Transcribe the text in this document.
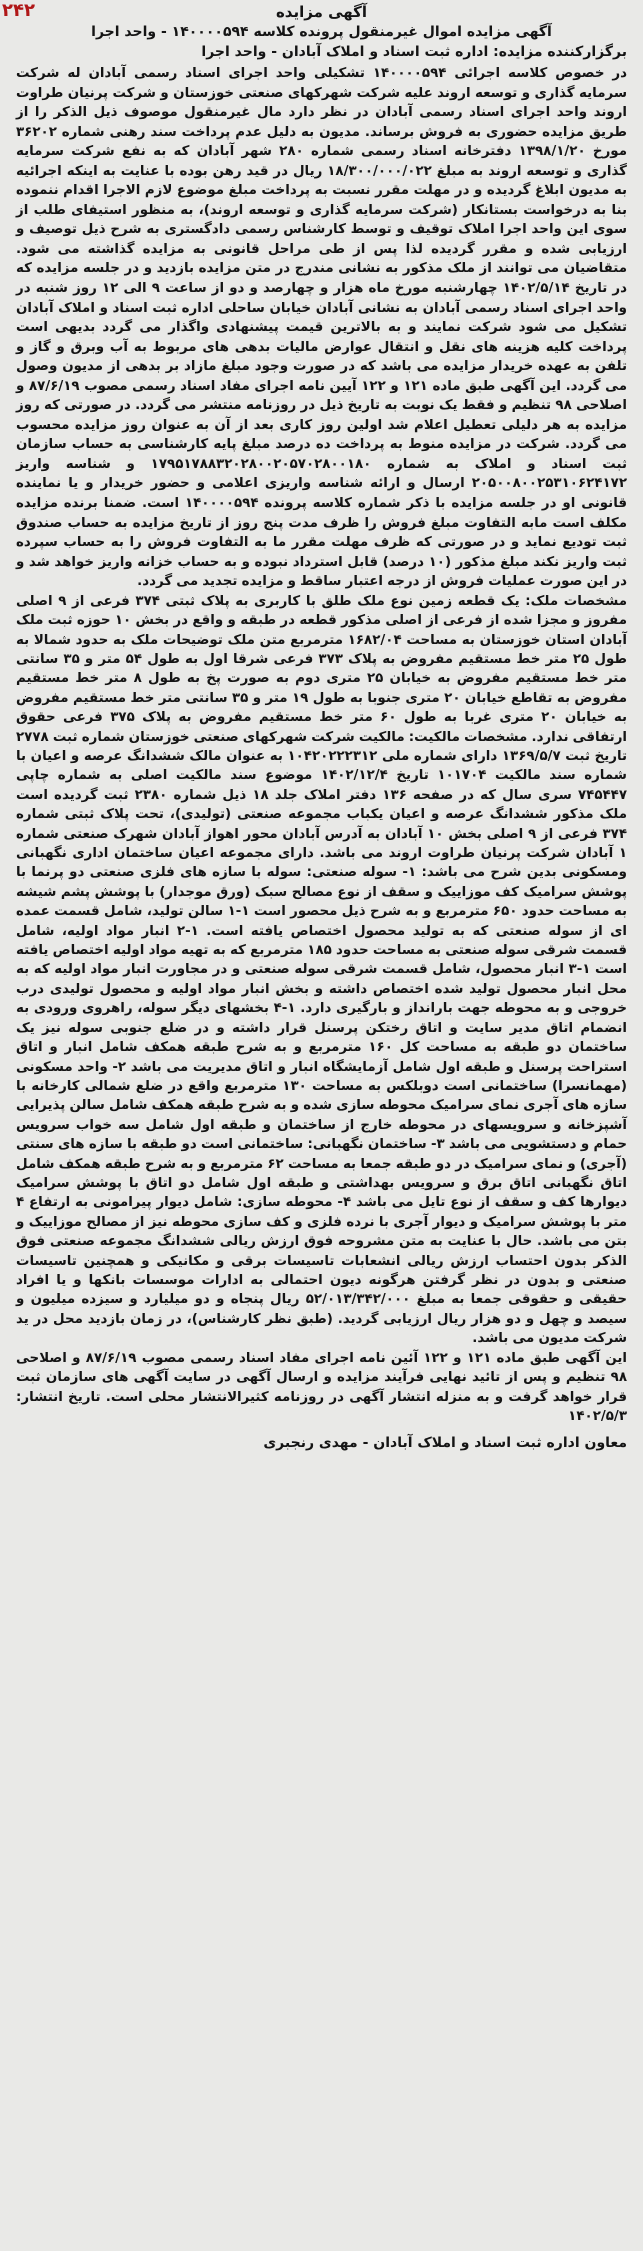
۲۴۲	آگهی مزایده
آگهی مزایده اموال غیرمنقول پرونده کلاسه ۱۴۰۰۰۰۵۹۴ - واحد اجرا

برگزارکننده مزایده: اداره ثبت اسناد و املاک آبادان - واحد اجرا

در خصوص کلاسه اجرائی ۱۴۰۰۰۰۵۹۴ تشکیلی واحد اجرای اسناد رسمی آبادان له شرکت سرمایه گذاری و توسعه اروند علیه شرکت شهرکهای صنعتی خوزستان و شرکت پرنیان طراوت اروند واحد اجرای اسناد رسمی آبادان در نظر دارد مال غیرمنقول موصوف ذیل الذکر را از طریق مزایده حضوری به فروش برساند. مدیون به دلیل عدم پرداخت سند رهنی شماره ۳۶۲۰۲ مورخ ۱۳۹۸/۱/۲۰ دفترخانه اسناد رسمی شماره ۲۸۰ شهر آبادان که به نفع شرکت سرمایه گذاری و توسعه اروند به مبلغ ۱۸/۳۰۰/۰۰۰/۰۲۲ ریال در قید رهن بوده با عنایت به اینکه اجرائیه به مدیون ابلاغ گردیده و در مهلت مقرر نسبت به پرداخت مبلغ موضوع لازم الاجرا اقدام ننموده بنا به درخواست بستانکار (شرکت سرمایه گذاری و توسعه اروند)، به منظور استیفای طلب از سوی این واحد اجرا املاک توقیف و توسط کارشناس رسمی دادگستری به شرح ذیل توصیف و ارزیابی شده و مقرر گردیده لذا پس از طی مراحل قانونی به مزایده گذاشته می شود. متقاضیان می توانند از ملک مذکور به نشانی مندرج در متن مزایده بازدید و در جلسه مزایده که در تاریخ ۱۴۰۲/۵/۱۴ چهارشنبه مورخ ماه هزار و چهارصد و دو از ساعت ۹ الی ۱۲ روز شنبه در واحد اجرای اسناد رسمی آبادان به نشانی آبادان خیابان ساحلی اداره ثبت اسناد و املاک آبادان تشکیل می شود شرکت نمایند و به بالاترین قیمت پیشنهادی واگذار می گردد بدیهی است پرداخت کلیه هزینه های نقل و انتقال عوارض مالیات بدهی های مربوط به آب وبرق و گاز و تلفن به عهده خریدار مزایده می باشد که در صورت وجود مبلغ مازاد بر بدهی از مدیون وصول می گردد. این آگهی طبق ماده ۱۲۱ و ۱۲۲ آیین نامه اجرای مفاد اسناد رسمی مصوب ۸۷/۶/۱۹ و اصلاحی ۹۸ تنظیم و فقط یک نوبت به تاریخ ذیل در روزنامه منتشر می گردد. در صورتی که روز مزایده به هر دلیلی تعطیل اعلام شد اولین روز کاری بعد از آن به عنوان روز مزایده محسوب می گردد. شرکت در مزایده منوط به پرداخت ده درصد مبلغ پایه کارشناسی به حساب سازمان ثبت اسناد و املاک به شماره ۱۷۹۵۱۷۸۸۳۲۰۲۸۰۰۲۰۵۷۰۲۸۰۰۱۸۰ و شناسه واریز ۲۰۵۰۰۸۰۰۲۵۳۱۰۶۲۴۱۷۲ ارسال و ارائه شناسه واریزی اعلامی و حضور خریدار و یا نماینده قانونی او در جلسه مزایده با ذکر شماره کلاسه پرونده ۱۴۰۰۰۰۵۹۴ است. ضمنا برنده مزایده مکلف است مابه التفاوت مبلغ فروش را ظرف مدت پنج روز از تاریخ مزایده به حساب صندوق ثبت تودیع نماید و در صورتی که ظرف مهلت مقرر ما به التفاوت فروش را به حساب سپرده ثبت واریز نکند مبلغ مذکور (۱۰ درصد) قابل استرداد نبوده و به حساب خزانه واریز خواهد شد و در این صورت عملیات فروش از درجه اعتبار ساقط و مزایده تجدید می گردد.

مشخصات ملک: یک قطعه زمین نوع ملک طلق با کاربری به پلاک ثبتی ۳۷۴ فرعی از ۹ اصلی مفروز و مجزا شده از فرعی از اصلی مذکور قطعه در طبقه و واقع در بخش ۱۰ حوزه ثبت ملک آبادان استان خوزستان به مساحت ۱۶۸۲/۰۴ مترمربع متن ملک توضیحات ملک به حدود شمالا به طول ۲۵ متر خط مستقیم مفروض به پلاک ۳۷۳ فرعی شرقا اول به طول ۵۴ متر و ۳۵ سانتی متر خط مستقیم مفروض به خیابان ۲۵ متری دوم به صورت پخ به طول ۸ متر خط مستقیم مفروض به تقاطع خیابان ۲۰ متری جنوبا به طول ۱۹ متر و ۳۵ سانتی متر خط مستقیم مفروض به خیابان ۲۰ متری غربا به طول ۶۰ متر خط مستقیم مفروض به پلاک ۳۷۵ فرعی حقوق ارتفاقی ندارد. مشخصات مالکیت: مالکیت شرکت شهرکهای صنعتی خوزستان شماره ثبت ۲۷۷۸ تاریخ ثبت ۱۳۶۹/۵/۷ دارای شماره ملی ۱۰۴۲۰۲۲۲۳۱۲ به عنوان مالک ششدانگ عرصه و اعیان با شماره سند مالکیت ۱۰۱۷۰۴ تاریخ ۱۴۰۲/۱۲/۴ موضوع سند مالکیت اصلی به شماره چاپی ۷۴۵۴۴۷ سری سال که در صفحه ۱۳۶ دفتر املاک جلد ۱۸ ذیل شماره ۲۳۸۰ ثبت گردیده است ملک مذکور ششدانگ عرصه و اعیان یکباب مجموعه صنعتی (تولیدی)، تحت پلاک ثبتی شماره ۳۷۴ فرعی از ۹ اصلی بخش ۱۰ آبادان به آدرس آبادان محور اهواز آبادان شهرک صنعتی شماره ۱ آبادان شرکت پرنیان طراوت اروند می باشد. دارای مجموعه اعیان ساختمان اداری نگهبانی ومسکونی بدین شرح می باشد: ۱- سوله صنعتی: سوله با سازه های فلزی صنعتی دو پرنما با پوشش سرامیک کف موزاییک و سقف از نوع مصالح سبک (ورق موجدار) با پوشش پشم شیشه به مساحت حدود ۶۵۰ مترمربع و به شرح ذیل محصور است ۱-۱ سالن تولید، شامل قسمت عمده ای از سوله صنعتی که به تولید محصول اختصاص یافته است. ۱-۲ انبار مواد اولیه، شامل قسمت شرقی سوله صنعتی به مساحت حدود ۱۸۵ مترمربع که به تهیه مواد اولیه اختصاص یافته است ۱-۳ انبار محصول، شامل قسمت شرقی سوله صنعتی و در مجاورت انبار مواد اولیه که به محل انبار محصول تولید شده اختصاص داشته و بخش انبار مواد اولیه و محصول تولیدی درب خروجی و به محوطه جهت بارانداز و بارگیری دارد. ۱-۴ بخشهای دیگر سوله، راهروی ورودی به انضمام اتاق مدیر سایت و اتاق رختکن پرسنل قرار داشته و در ضلع جنوبی سوله نیز یک ساختمان دو طبقه به مساحت کل ۱۶۰ مترمربع و به شرح طبقه همکف شامل انبار و اتاق استراحت پرسنل و طبقه اول شامل آزمایشگاه انبار و اتاق مدیریت می باشد ۲- واحد مسکونی (مهمانسرا) ساختمانی است دوبلکس به مساحت ۱۳۰ مترمربع واقع در ضلع شمالی کارخانه با سازه های آجری نمای سرامیک محوطه سازی شده و به شرح طبقه همکف شامل سالن پذیرایی آشپزخانه و سرویسهای در محوطه خارج از ساختمان و طبقه اول شامل سه خواب سرویس حمام و دستشویی می باشد ۳- ساختمان نگهبانی: ساختمانی است دو طبقه با سازه های سنتی (آجری) و نمای سرامیک در دو طبقه جمعا به مساحت ۶۲ مترمربع و به شرح طبقه همکف شامل اتاق نگهبانی اتاق برق و سرویس بهداشتی و طبقه اول شامل دو اتاق با پوشش سرامیک دیوارها کف و سقف از نوع تایل می باشد ۴- محوطه سازی: شامل دیوار پیرامونی به ارتفاع ۴ متر با پوشش سرامیک و دیوار آجری با نرده فلزی و کف سازی محوطه نیز از مصالح موزاییک و بتن می باشد. حال با عنایت به متن مشروحه فوق ارزش ریالی ششدانگ مجموعه صنعتی فوق الذکر بدون احتساب ارزش ریالی انشعابات تاسیسات برقی و مکانیکی و همچنین تاسیسات صنعتی و بدون در نظر گرفتن هرگونه دیون احتمالی به ادارات موسسات بانکها و یا افراد حقیقی و حقوقی جمعا به مبلغ ۵۲/۰۱۳/۳۴۲/۰۰۰ ریال پنجاه و دو میلیارد و سیزده میلیون و سیصد و چهل و دو هزار ریال ارزیابی گردید. (طبق نظر کارشناس)، در زمان بازدید محل در ید شرکت مدیون می باشد.

این آگهی طبق ماده ۱۲۱ و ۱۲۲ آئین نامه اجرای مفاد اسناد رسمی مصوب ۸۷/۶/۱۹ و اصلاحی ۹۸ تنظیم و پس از تائید نهایی فرآیند مزایده و ارسال آگهی در سایت آگهی های سازمان ثبت قرار خواهد گرفت و به منزله انتشار آگهی در روزنامه کثیرالانتشار محلی است. تاریخ انتشار: ۱۴۰۲/۵/۳

معاون اداره ثبت اسناد و املاک آبادان - مهدی رنجبری
